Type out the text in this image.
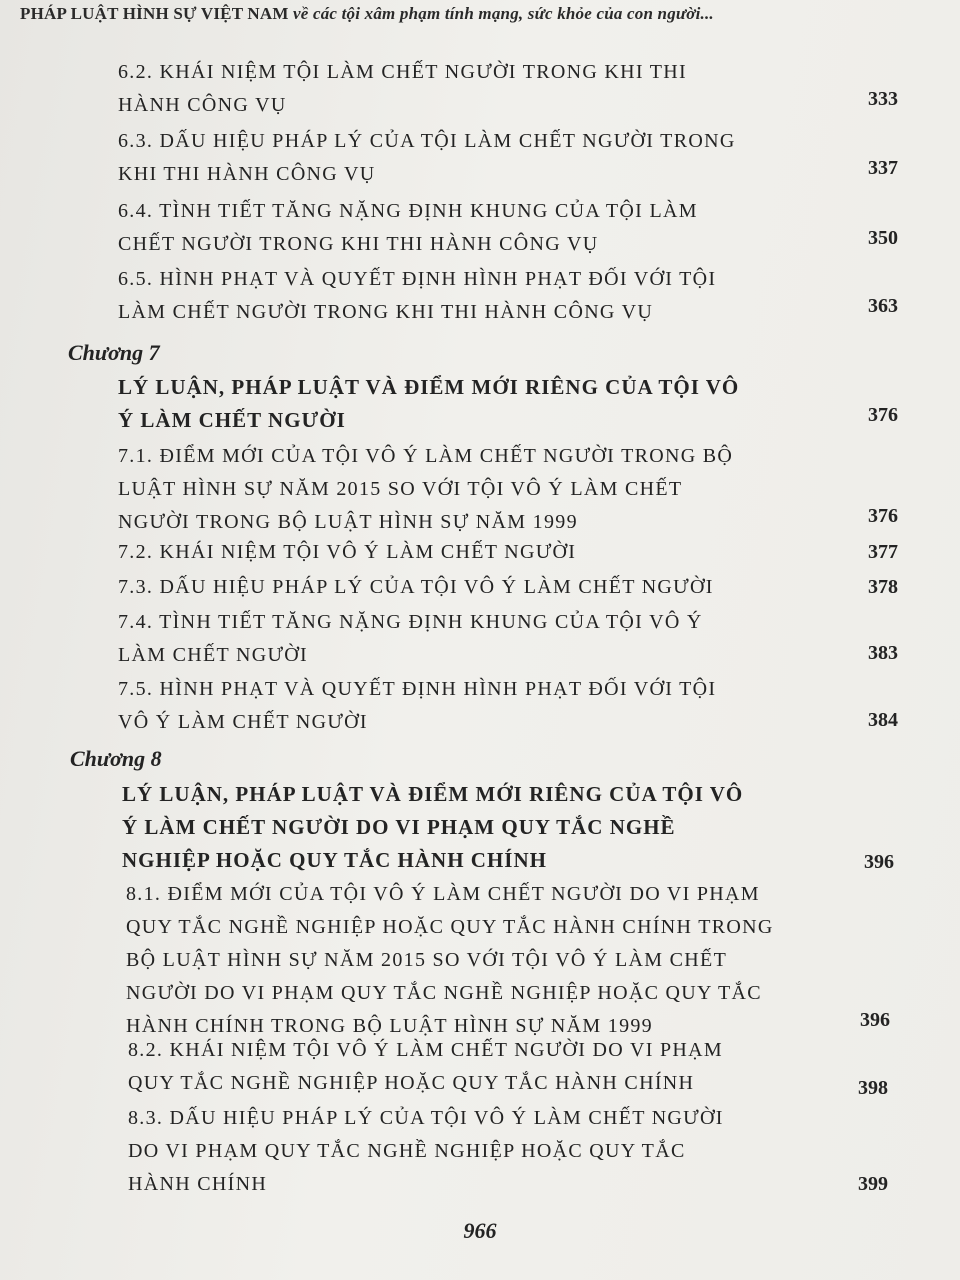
PHÁP LUẬT HÌNH SỰ VIỆT NAM về các tội xâm phạm tính mạng, sức khỏe của con người...
6.2. KHÁI NIỆM TỘI LÀM CHẾT NGƯỜI TRONG KHI THI
HÀNH CÔNG VỤ	333
6.3. DẤU HIỆU PHÁP LÝ CỦA TỘI LÀM CHẾT NGƯỜI TRONG
KHI THI HÀNH CÔNG VỤ	337
6.4. TÌNH TIẾT TĂNG NẶNG ĐỊNH KHUNG CỦA TỘI LÀM
CHẾT NGƯỜI TRONG KHI THI HÀNH CÔNG VỤ	350
6.5. HÌNH PHẠT VÀ QUYẾT ĐỊNH HÌNH PHẠT ĐỐI VỚI TỘI
LÀM CHẾT NGƯỜI TRONG KHI THI HÀNH CÔNG VỤ	363
Chương 7
LÝ LUẬN, PHÁP LUẬT VÀ ĐIỂM MỚI RIÊNG CỦA TỘI VÔ
Ý LÀM CHẾT NGƯỜI	376
7.1. ĐIỂM MỚI CỦA TỘI VÔ Ý LÀM CHẾT NGƯỜI TRONG BỘ
LUẬT HÌNH SỰ NĂM 2015 SO VỚI TỘI VÔ Ý LÀM CHẾT
NGƯỜI TRONG BỘ LUẬT HÌNH SỰ NĂM 1999	376
7.2. KHÁI NIỆM TỘI VÔ Ý LÀM CHẾT NGƯỜI	377
7.3. DẤU HIỆU PHÁP LÝ CỦA TỘI VÔ Ý LÀM CHẾT NGƯỜI	378
7.4. TÌNH TIẾT TĂNG NẶNG ĐỊNH KHUNG CỦA TỘI VÔ Ý
LÀM CHẾT NGƯỜI	383
7.5. HÌNH PHẠT VÀ QUYẾT ĐỊNH HÌNH PHẠT ĐỐI VỚI TỘI
VÔ Ý LÀM CHẾT NGƯỜI	384
Chương 8
LÝ LUẬN, PHÁP LUẬT VÀ ĐIỂM MỚI RIÊNG CỦA TỘI VÔ
Ý LÀM CHẾT NGƯỜI DO VI PHẠM QUY TẮC NGHỀ
NGHIỆP HOẶC QUY TẮC HÀNH CHÍNH	396
8.1. ĐIỂM MỚI CỦA TỘI VÔ Ý LÀM CHẾT NGƯỜI DO VI PHẠM
QUY TẮC NGHỀ NGHIỆP HOẶC QUY TẮC HÀNH CHÍNH TRONG
BỘ LUẬT HÌNH SỰ NĂM 2015 SO VỚI TỘI VÔ Ý LÀM CHẾT
NGƯỜI DO VI PHẠM QUY TẮC NGHỀ NGHIỆP HOẶC QUY TẮC
HÀNH CHÍNH TRONG BỘ LUẬT HÌNH SỰ NĂM 1999	396
8.2. KHÁI NIỆM TỘI VÔ Ý LÀM CHẾT NGƯỜI DO VI PHẠM
QUY TẮC NGHỀ NGHIỆP HOẶC QUY TẮC HÀNH CHÍNH	398
8.3. DẤU HIỆU PHÁP LÝ CỦA TỘI VÔ Ý LÀM CHẾT NGƯỜI
DO VI PHẠM QUY TẮC NGHỀ NGHIỆP HOẶC QUY TẮC
HÀNH CHÍNH	399
966
